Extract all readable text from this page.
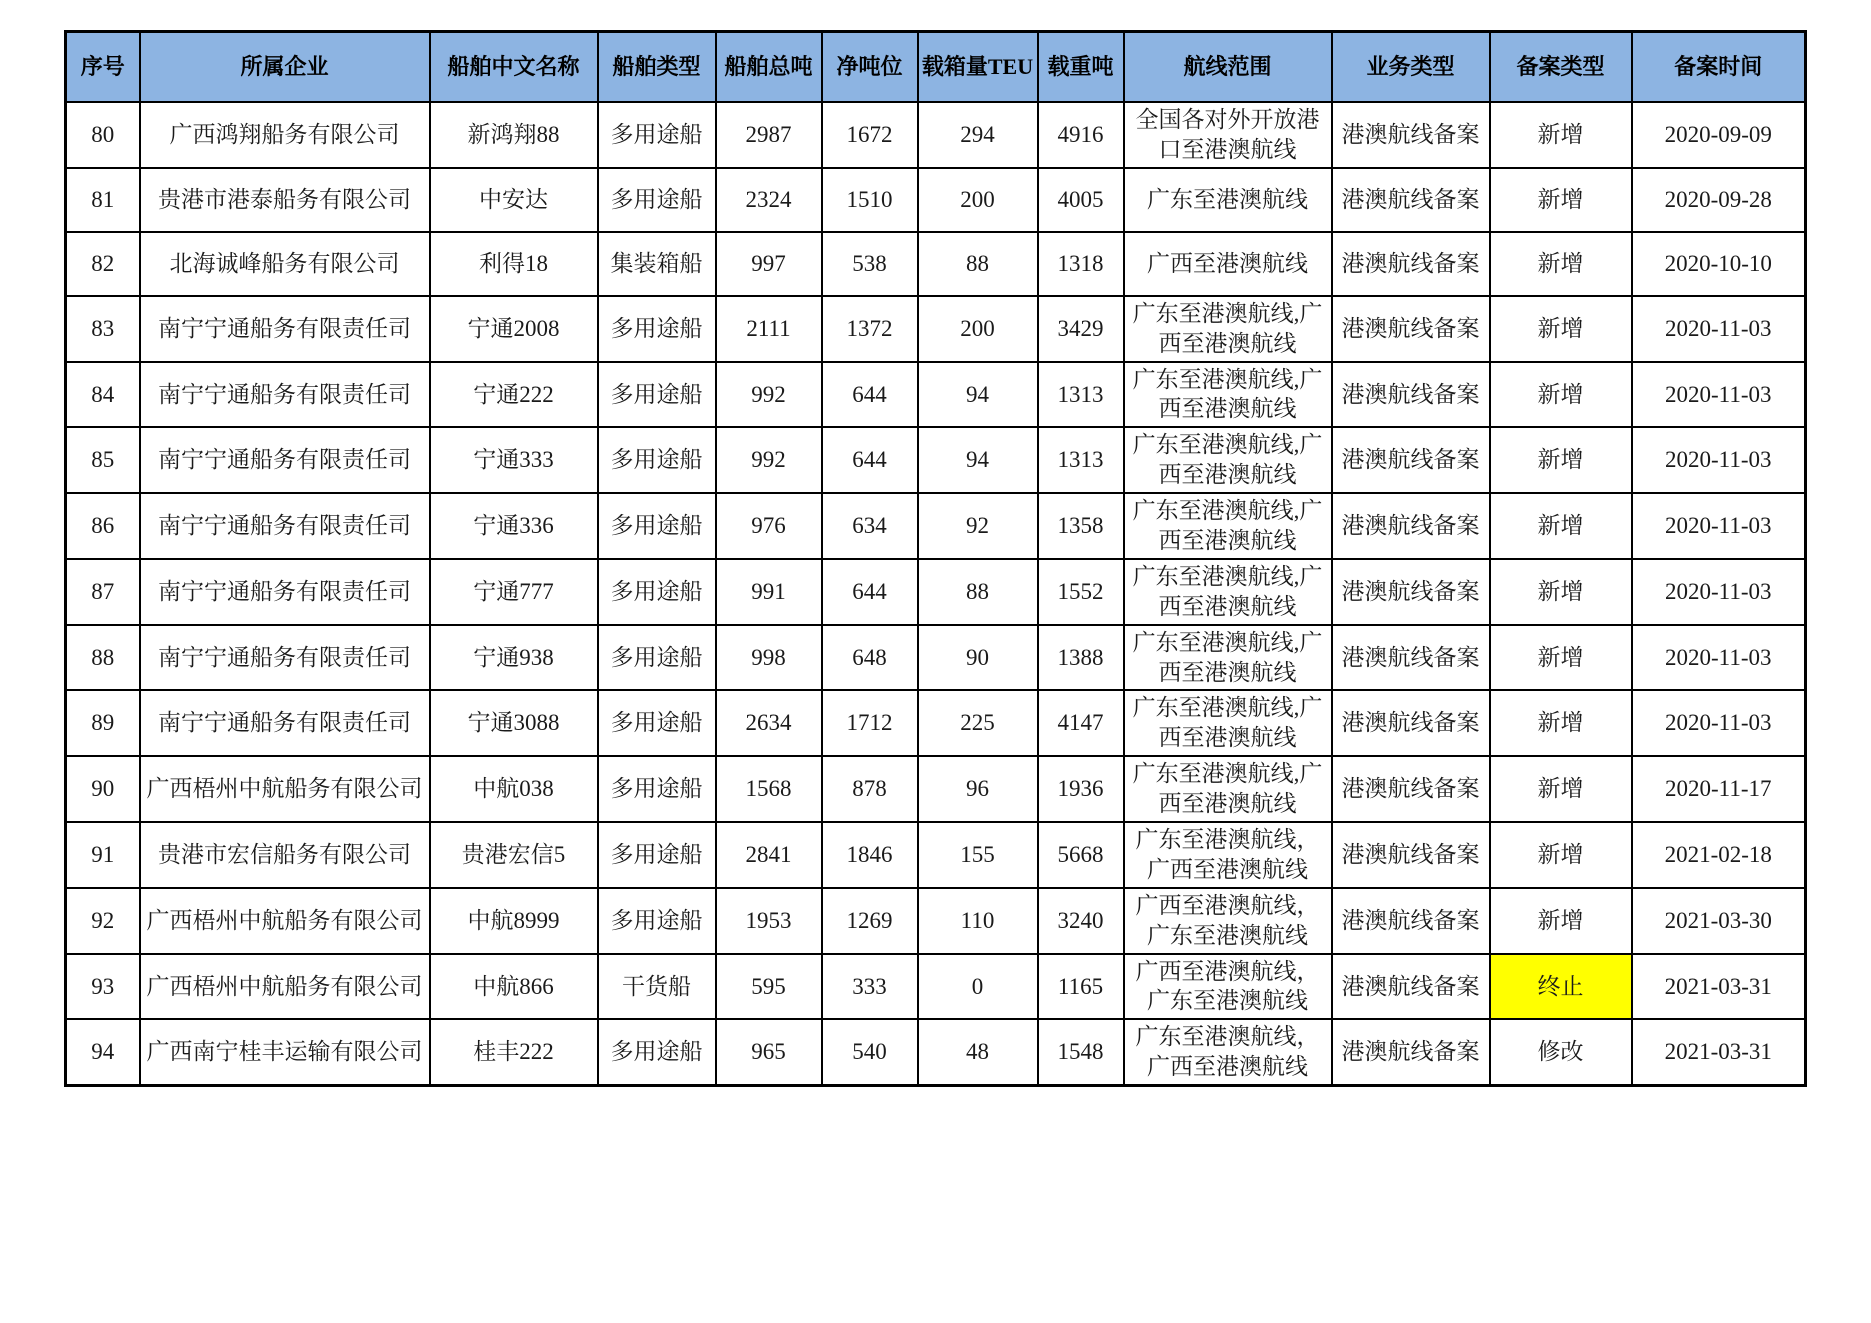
序号	所属企业	船舶中文名称	船舶类型	船舶总吨	净吨位	载箱量TEU	载重吨	航线范围	业务类型	备案类型	备案时间
80	广西鸿翔船务有限公司	新鸿翔88	多用途船	2987	1672	294	4916	全国各对外开放港口至港澳航线	港澳航线备案	新增	2020-09-09
81	贵港市港泰船务有限公司	中安达	多用途船	2324	1510	200	4005	广东至港澳航线	港澳航线备案	新增	2020-09-28
82	北海诚峰船务有限公司	利得18	集装箱船	997	538	88	1318	广西至港澳航线	港澳航线备案	新增	2020-10-10
83	南宁宁通船务有限责任司	宁通2008	多用途船	2111	1372	200	3429	广东至港澳航线,广西至港澳航线	港澳航线备案	新增	2020-11-03
84	南宁宁通船务有限责任司	宁通222	多用途船	992	644	94	1313	广东至港澳航线,广西至港澳航线	港澳航线备案	新增	2020-11-03
85	南宁宁通船务有限责任司	宁通333	多用途船	992	644	94	1313	广东至港澳航线,广西至港澳航线	港澳航线备案	新增	2020-11-03
86	南宁宁通船务有限责任司	宁通336	多用途船	976	634	92	1358	广东至港澳航线,广西至港澳航线	港澳航线备案	新增	2020-11-03
87	南宁宁通船务有限责任司	宁通777	多用途船	991	644	88	1552	广东至港澳航线,广西至港澳航线	港澳航线备案	新增	2020-11-03
88	南宁宁通船务有限责任司	宁通938	多用途船	998	648	90	1388	广东至港澳航线,广西至港澳航线	港澳航线备案	新增	2020-11-03
89	南宁宁通船务有限责任司	宁通3088	多用途船	2634	1712	225	4147	广东至港澳航线,广西至港澳航线	港澳航线备案	新增	2020-11-03
90	广西梧州中航船务有限公司	中航038	多用途船	1568	878	96	1936	广东至港澳航线,广西至港澳航线	港澳航线备案	新增	2020-11-17
91	贵港市宏信船务有限公司	贵港宏信5	多用途船	2841	1846	155	5668	广东至港澳航线，广西至港澳航线	港澳航线备案	新增	2021-02-18
92	广西梧州中航船务有限公司	中航8999	多用途船	1953	1269	110	3240	广西至港澳航线，广东至港澳航线	港澳航线备案	新增	2021-03-30
93	广西梧州中航船务有限公司	中航866	干货船	595	333	0	1165	广西至港澳航线，广东至港澳航线	港澳航线备案	终止	2021-03-31
94	广西南宁桂丰运输有限公司	桂丰222	多用途船	965	540	48	1548	广东至港澳航线，广西至港澳航线	港澳航线备案	修改	2021-03-31
